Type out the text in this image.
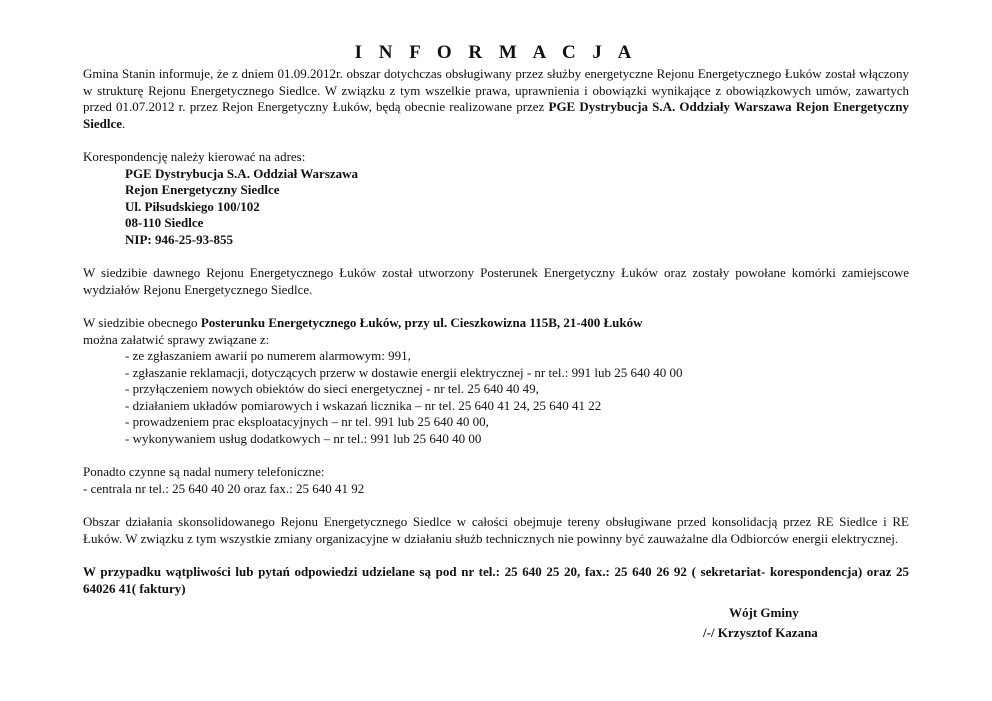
I N F O R M A C J A

Gmina Stanin informuje, że z dniem 01.09.2012r. obszar dotychczas obsługiwany przez służby energetyczne Rejonu Energetycznego Łuków został włączony w strukturę Rejonu Energetycznego Siedlce. W związku z tym wszelkie prawa, uprawnienia i obowiązki wynikające z obowiązkowych umów, zawartych przed 01.07.2012 r. przez Rejon Energetyczny Łuków, będą obecnie realizowane przez PGE Dystrybucja S.A. Oddziały Warszawa Rejon Energetyczny Siedlce.

Korespondencję należy kierować na adres:
PGE Dystrybucja S.A. Oddział Warszawa
Rejon Energetyczny Siedlce
Ul. Piłsudskiego 100/102
08-110 Siedlce
NIP: 946-25-93-855

W siedzibie dawnego Rejonu Energetycznego Łuków został utworzony Posterunek Energetyczny Łuków oraz zostały powołane komórki zamiejscowe wydziałów Rejonu Energetycznego Siedlce.

W siedzibie obecnego Posterunku Energetycznego Łuków, przy ul. Cieszkowizna 115B, 21-400 Łuków
można załatwić sprawy związane z:
- ze zgłaszaniem awarii po numerem alarmowym: 991,
- zgłaszanie reklamacji, dotyczących przerw w dostawie energii elektrycznej - nr tel.: 991 lub 25 640 40 00
- przyłączeniem nowych obiektów do sieci energetycznej - nr tel. 25 640 40 49,
- działaniem układów pomiarowych i wskazań licznika – nr tel. 25 640 41 24, 25 640 41 22
- prowadzeniem prac eksploatacyjnych – nr tel. 991 lub 25 640 40 00,
- wykonywaniem usług dodatkowych – nr tel.: 991 lub 25 640 40 00
Ponadto czynne są nadal numery telefoniczne:
- centrala nr tel.: 25 640 40 20 oraz fax.: 25 640 41 92

Obszar działania skonsolidowanego Rejonu Energetycznego Siedlce w całości obejmuje tereny obsługiwane przed konsolidacją przez RE Siedlce i RE Łuków. W związku z tym wszystkie zmiany organizacyjne w działaniu służb technicznych nie powinny być zauważalne dla Odbiorców energii elektrycznej.

W przypadku wątpliwości lub pytań odpowiedzi udzielane są pod nr tel.: 25 640 25 20, fax.: 25 640 26 92 ( sekretariat- korespondencja) oraz 25 64026 41( faktury)

Wójt Gminy
/-/ Krzysztof Kazana
